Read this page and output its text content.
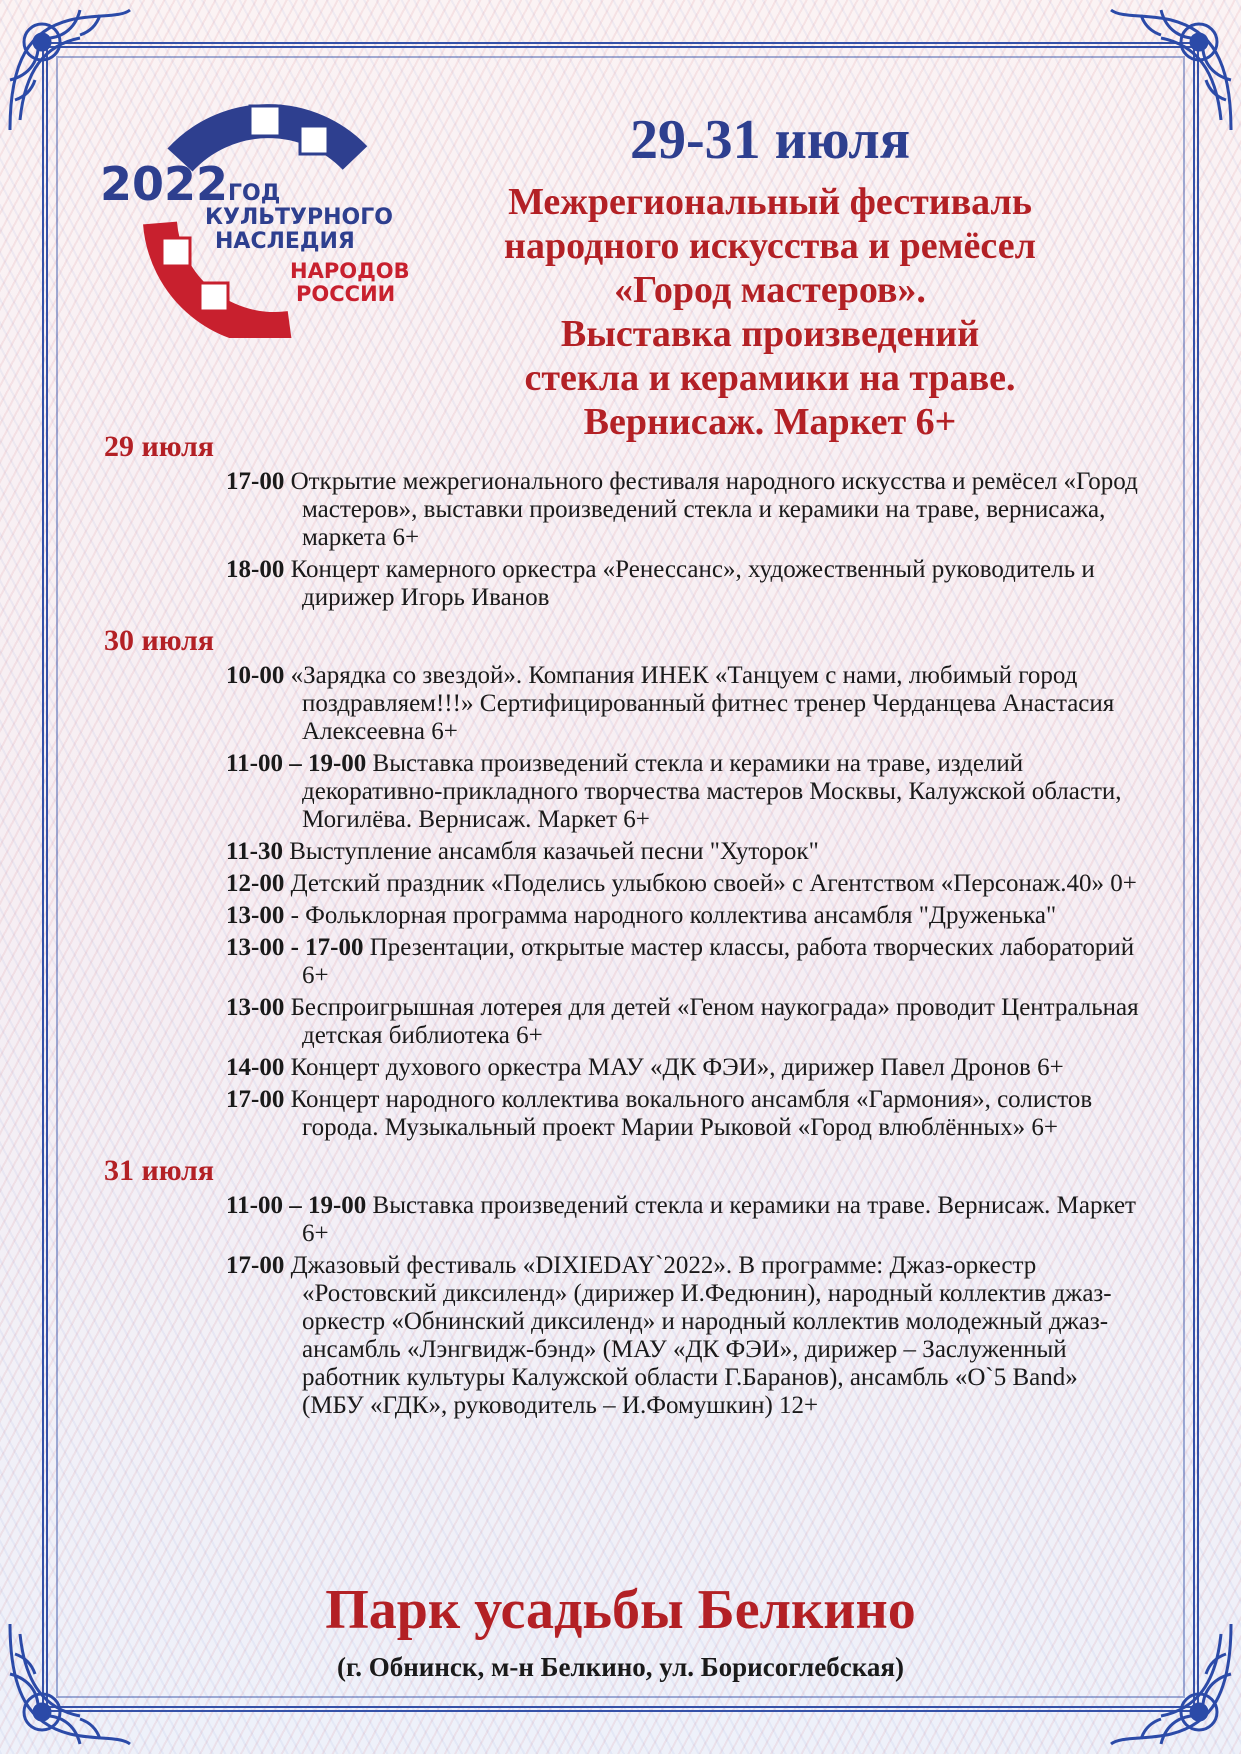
2022 ГОД
КУЛЬТУРНОГО
НАСЛЕДИЯ
НАРОДОВ
РОССИИ
29-31 июля
Межрегиональный фестиваль
народного искусства и ремёсел
«Город мастеров».
Выставка произведений
стекла и керамики на траве.
Вернисаж. Маркет 6+
29 июля
17-00 Открытие межрегионального фестиваля народного искусства и ремёсел «Город мастеров», выставки произведений стекла и керамики на траве, вернисажа, маркета 6+
18-00 Концерт камерного оркестра «Ренессанс», художественный руководитель и дирижер Игорь Иванов
30 июля
10-00 «Зарядка со звездой». Компания ИНЕК «Танцуем с нами, любимый город поздравляем!!!» Сертифицированный фитнес тренер Черданцева Анастасия Алексеевна 6+
11-00 – 19-00 Выставка произведений стекла и керамики на траве, изделий декоративно-прикладного творчества мастеров Москвы, Калужской области, Могилёва. Вернисаж. Маркет 6+
11-30 Выступление ансамбля казачьей песни "Хуторок"
12-00 Детский праздник «Поделись улыбкою своей» с Агентством «Персонаж.40» 0+
13-00 - Фольклорная программа народного коллектива ансамбля "Друженька"
13-00 - 17-00 Презентации, открытые мастер классы, работа творческих лабораторий 6+
13-00 Беспроигрышная лотерея для детей «Геном наукограда» проводит Центральная детская библиотека 6+
14-00 Концерт духового оркестра МАУ «ДК ФЭИ», дирижер Павел Дронов 6+
17-00 Концерт народного коллектива вокального ансамбля «Гармония», солистов города. Музыкальный проект Марии Рыковой «Город влюблённых» 6+
31 июля
11-00 – 19-00 Выставка произведений стекла и керамики на траве. Вернисаж. Маркет 6+
17-00 Джазовый фестиваль «DIXIEDAY`2022». В программе: Джаз-оркестр «Ростовский диксиленд» (дирижер И.Федюнин), народный коллектив джаз-оркестр «Обнинский диксиленд» и народный коллектив молодежный джаз-ансамбль «Лэнгвидж-бэнд» (МАУ «ДК ФЭИ», дирижер – Заслуженный работник культуры Калужской области Г.Баранов), ансамбль «О`5 Band» (МБУ «ГДК», руководитель – И.Фомушкин) 12+
Парк усадьбы Белкино
(г. Обнинск, м-н Белкино, ул. Борисоглебская)
